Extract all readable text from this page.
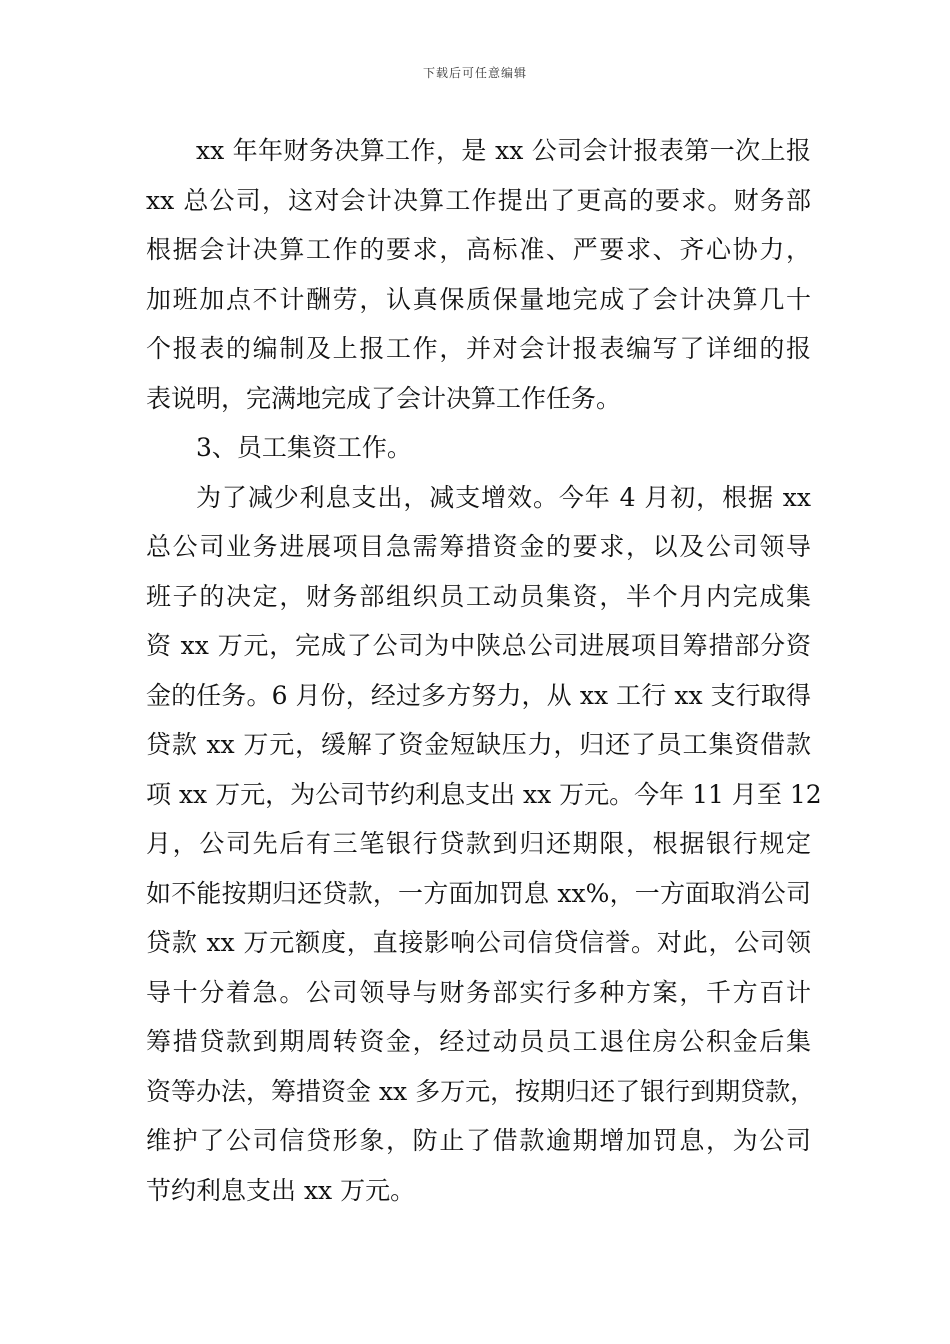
下载后可任意编辑
xx 年年财务决算工作，是 xx 公司会计报表第一次上报
xx 总公司，这对会计决算工作提出了更高的要求。财务部
根据会计决算工作的要求，高标准、严要求、齐心协力，
加班加点不计酬劳，认真保质保量地完成了会计决算几十
个报表的编制及上报工作，并对会计报表编写了详细的报
表说明，完满地完成了会计决算工作任务。
3、员工集资工作。
为了减少利息支出，减支增效。今年 4 月初，根据 xx
总公司业务进展项目急需筹措资金的要求，以及公司领导
班子的决定，财务部组织员工动员集资，半个月内完成集
资 xx 万元，完成了公司为中陕总公司进展项目筹措部分资
金的任务。6 月份，经过多方努力，从 xx 工行 xx 支行取得
贷款 xx 万元，缓解了资金短缺压力，归还了员工集资借款
项 xx 万元，为公司节约利息支出 xx 万元。今年 11 月至 12
月，公司先后有三笔银行贷款到归还期限，根据银行规定
如不能按期归还贷款，一方面加罚息 xx%，一方面取消公司
贷款 xx 万元额度，直接影响公司信贷信誉。对此，公司领
导十分着急。公司领导与财务部实行多种方案，千方百计
筹措贷款到期周转资金，经过动员员工退住房公积金后集
资等办法，筹措资金 xx 多万元，按期归还了银行到期贷款，
维护了公司信贷形象，防止了借款逾期增加罚息，为公司
节约利息支出 xx 万元。
